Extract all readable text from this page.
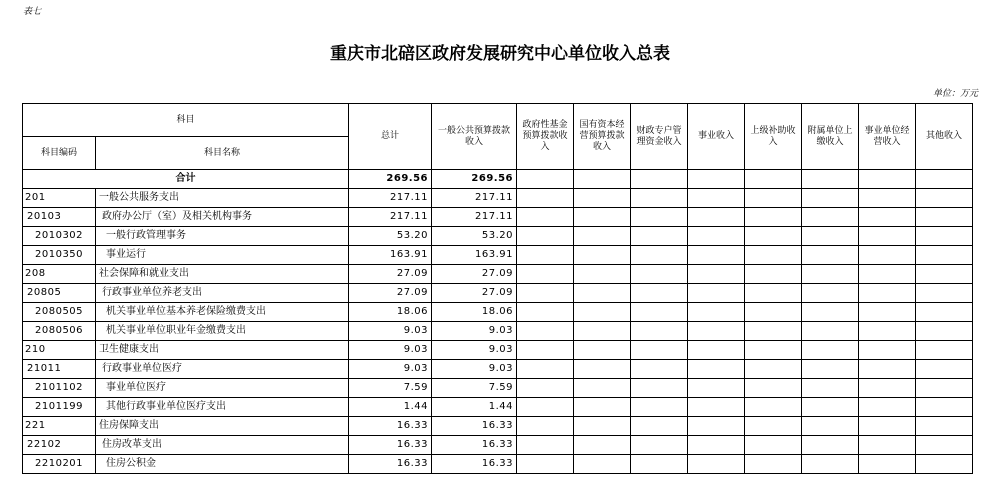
表七
重庆市北碚区政府发展研究中心单位收入总表
单位：万元
科目		总计	一般公共预算拨款收入	政府性基金预算拨款收入	国有资本经营预算拨款收入	财政专户管理资金收入	事业收入	上级补助收入	附属单位上缴收入	事业单位经营收入	其他收入
科目编码	科目名称										
合计		269.56	269.56								
201	一般公共服务支出	217.11	217.11								
20103	政府办公厅（室）及相关机构事务	217.11	217.11								
2010302	一般行政管理事务	53.20	53.20								
2010350	事业运行	163.91	163.91								
208	社会保障和就业支出	27.09	27.09								
20805	行政事业单位养老支出	27.09	27.09								
2080505	机关事业单位基本养老保险缴费支出	18.06	18.06								
2080506	机关事业单位职业年金缴费支出	9.03	9.03								
210	卫生健康支出	9.03	9.03								
21011	行政事业单位医疗	9.03	9.03								
2101102	事业单位医疗	7.59	7.59								
2101199	其他行政事业单位医疗支出	1.44	1.44								
221	住房保障支出	16.33	16.33								
22102	住房改革支出	16.33	16.33								
2210201	住房公积金	16.33	16.33								
